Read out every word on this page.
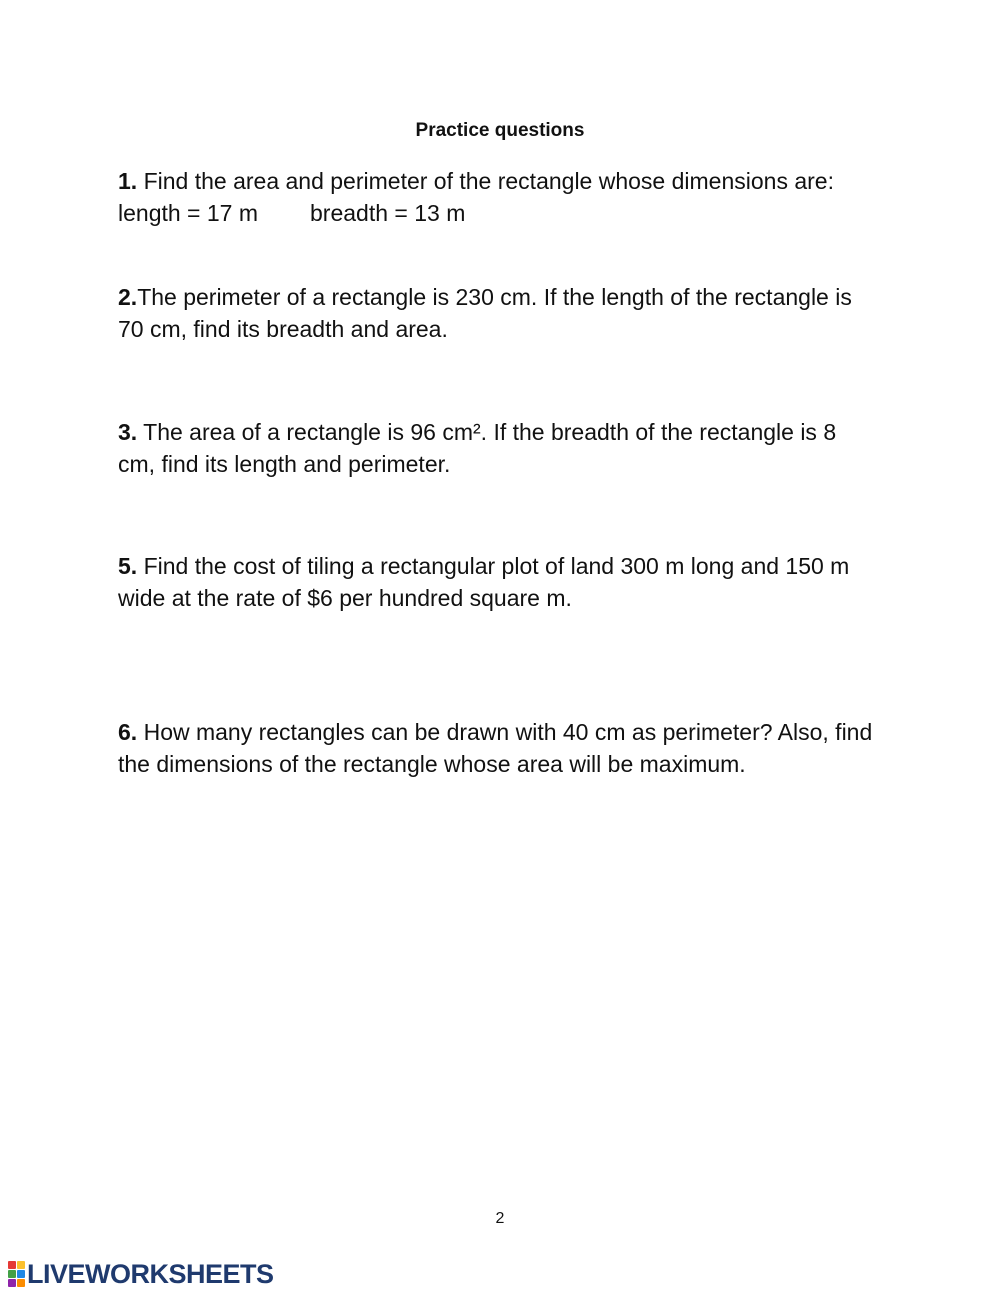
Practice questions
1. Find the area and perimeter of the rectangle whose dimensions are: length = 17 m breadth = 13 m
2.The perimeter of a rectangle is 230 cm. If the length of the rectangle is 70 cm, find its breadth and area.
3. The area of a rectangle is 96 cm². If the breadth of the rectangle is 8 cm, find its length and perimeter.
5. Find the cost of tiling a rectangular plot of land 300 m long and 150 m wide at the rate of $6 per hundred square m.
6. How many rectangles can be drawn with 40 cm as perimeter? Also, find the dimensions of the rectangle whose area will be maximum.
2
LIVEWORKSHEETS
